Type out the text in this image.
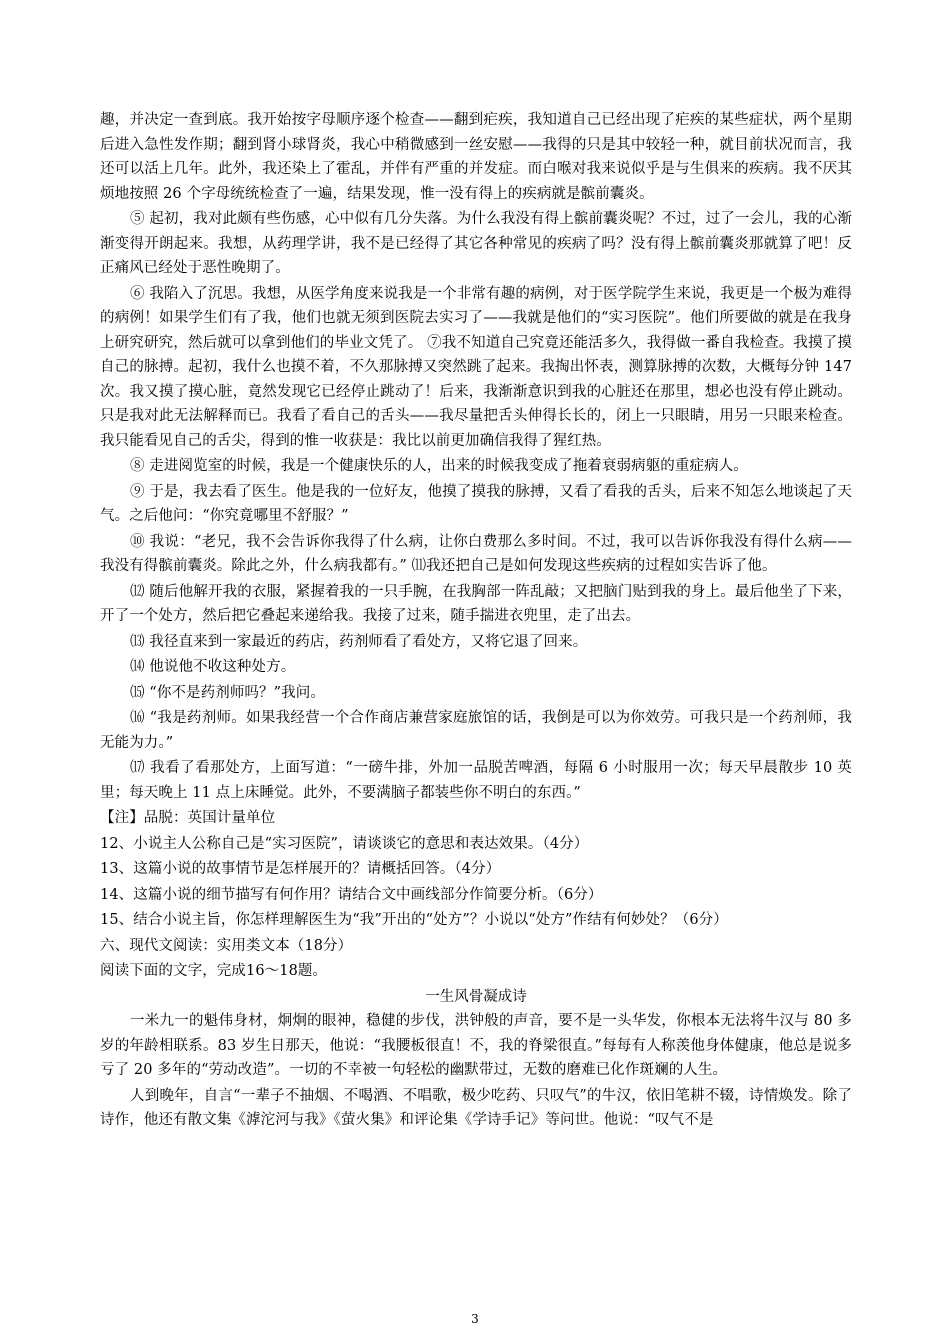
趣，并决定一查到底。我开始按字母顺序逐个检查——翻到疟疾，我知道自己已经出现了疟疾的某些症状，两个星期后进入急性发作期；翻到肾小球肾炎，我心中稍微感到一丝安慰——我得的只是其中较轻一种，就目前状况而言，我还可以活上几年。此外，我还染上了霍乱，并伴有严重的并发症。而白喉对我来说似乎是与生俱来的疾病。我不厌其烦地按照 26 个字母统统检查了一遍，结果发现，惟一没有得上的疾病就是髌前囊炎。

⑤ 起初，我对此颇有些伤感，心中似有几分失落。为什么我没有得上髌前囊炎呢？不过，过了一会儿，我的心渐渐变得开朗起来。我想，从药理学讲，我不是已经得了其它各种常见的疾病了吗？没有得上髌前囊炎那就算了吧！反正痛风已经处于恶性晚期了。

⑥ 我陷入了沉思。我想，从医学角度来说我是一个非常有趣的病例，对于医学院学生来说，我更是一个极为难得的病例！如果学生们有了我，他们也就无须到医院去实习了——我就是他们的“实习医院”。他们所要做的就是在我身上研究研究，然后就可以拿到他们的毕业文凭了。 ⑦我不知道自己究竟还能活多久，我得做一番自我检查。我摸了摸自己的脉搏。起初，我什么也摸不着，不久那脉搏又突然跳了起来。我掏出怀表，测算脉搏的次数，大概每分钟 147 次。我又摸了摸心脏，竟然发现它已经停止跳动了！后来，我渐渐意识到我的心脏还在那里，想必也没有停止跳动。只是我对此无法解释而已。我看了看自己的舌头——我尽量把舌头伸得长长的，闭上一只眼睛，用另一只眼来检查。我只能看见自己的舌尖，得到的惟一收获是：我比以前更加确信我得了猩红热。

⑧ 走进阅览室的时候，我是一个健康快乐的人，出来的时候我变成了拖着衰弱病躯的重症病人。

⑨ 于是，我去看了医生。他是我的一位好友，他摸了摸我的脉搏，又看了看我的舌头，后来不知怎么地谈起了天气。之后他问：“你究竟哪里不舒服？”

⑩ 我说：“老兄，我不会告诉你我得了什么病，让你白费那么多时间。不过，我可以告诉你我没有得什么病——我没有得髌前囊炎。除此之外，什么病我都有。” ⑾我还把自己是如何发现这些疾病的过程如实告诉了他。

⑿ 随后他解开我的衣服，紧握着我的一只手腕，在我胸部一阵乱敲；又把脑门贴到我的身上。最后他坐了下来，开了一个处方，然后把它叠起来递给我。我接了过来，随手揣进衣兜里，走了出去。

⒀ 我径直来到一家最近的药店，药剂师看了看处方，又将它退了回来。

⒁ 他说他不收这种处方。

⒂ “你不是药剂师吗？”我问。

⒃ “我是药剂师。如果我经营一个合作商店兼营家庭旅馆的话，我倒是可以为你效劳。可我只是一个药剂师，我无能为力。”

⒄ 我看了看那处方，上面写道：“一磅牛排，外加一品脱苦啤酒，每隔 6 小时服用一次；每天早晨散步 10 英里；每天晚上 11 点上床睡觉。此外，不要满脑子都装些你不明白的东西。”

【注】品脱：英国计量单位

12、小说主人公称自己是“实习医院”，请谈谈它的意思和表达效果。（4分）

13、这篇小说的故事情节是怎样展开的？请概括回答。（4分）

14、这篇小说的细节描写有何作用？请结合文中画线部分作简要分析。（6分）

15、结合小说主旨，你怎样理解医生为“我”开出的“处方”？小说以“处方”作结有何妙处？（6分）

六、现代文阅读：实用类文本（18分）

阅读下面的文字，完成16～18题。

一生风骨凝成诗

一米九一的魁伟身材，炯炯的眼神，稳健的步伐，洪钟般的声音，要不是一头华发，你根本无法将牛汉与 80 多岁的年龄相联系。83 岁生日那天，他说：“我腰板很直！不，我的脊梁很直。”每每有人称羡他身体健康，他总是说多亏了 20 多年的“劳动改造”。一切的不幸被一句轻松的幽默带过，无数的磨难已化作斑斓的人生。

人到晚年，自言“一辈子不抽烟、不喝酒、不唱歌，极少吃药、只叹气”的牛汉，依旧笔耕不辍，诗情焕发。除了诗作，他还有散文集《滹沱河与我》《萤火集》和评论集《学诗手记》等问世。他说：“叹气不是

3
